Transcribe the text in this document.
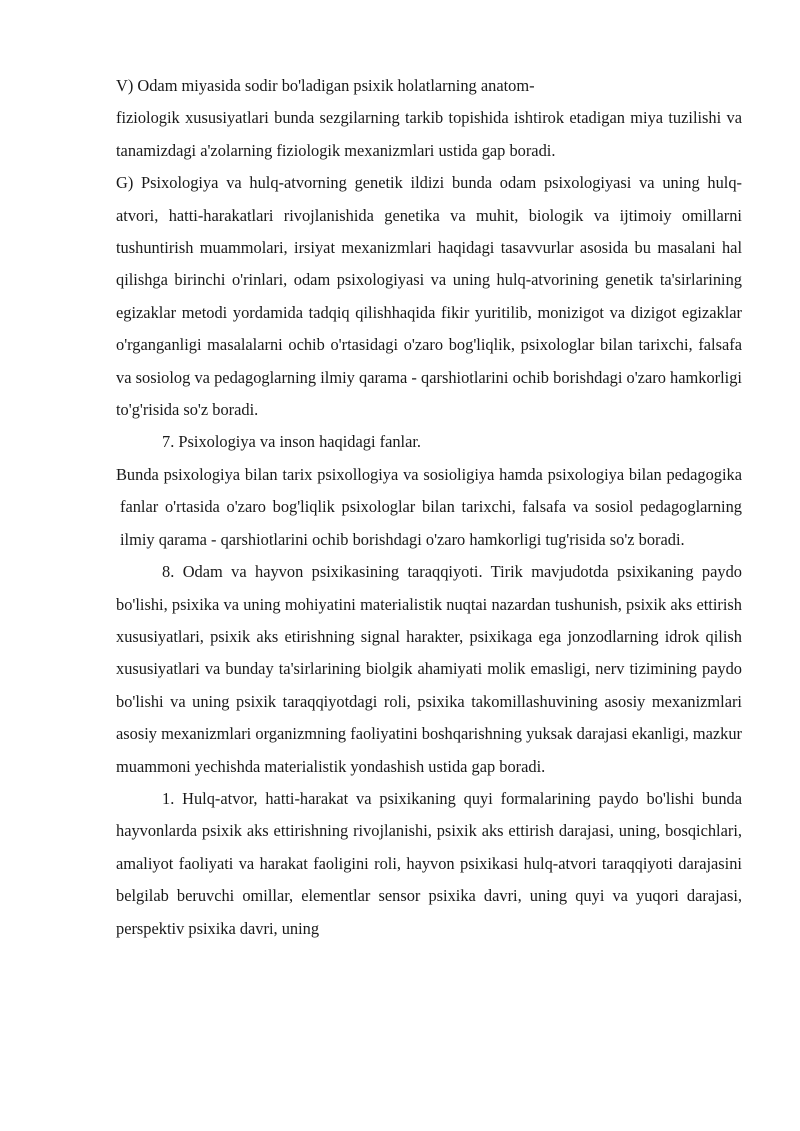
V) Odam miyasida sodir bo'ladigan psixik holatlarning anatom-

fiziologik xususiyatlari bunda sezgilarning tarkib topishida ishtirok etadigan miya tuzilishi va tanamizdagi a'zolarning fiziologik mexanizmlari ustida gap boradi.

G) Psixologiya va hulq-atvorning genetik ildizi bunda odam psixologiyasi va uning hulq-atvori, hatti-harakatlari rivojlanishida genetika va muhit, biologik va ijtimoiy omillarni tushuntirish muammolari, irsiyat mexanizmlari haqidagi tasavvurlar asosida bu masalani hal qilishga birinchi o'rinlari, odam psixologiyasi va uning hulq-atvorining genetik ta'sirlarining egizaklar metodi yordamida tadqiq qilishhaqida fikir yuritilib, monizigot va dizigot egizaklar o'rganganligi masalalarni ochib o'rtasidagi o'zaro bog'liqlik, psixologlar bilan tarixchi, falsafa va sosiolog va pedagoglarning ilmiy qarama - qarshiotlarini ochib borishdagi o'zaro hamkorligi to'g'risida so'z boradi.

7. Psixologiya va inson haqidagi fanlar.

Bunda psixologiya bilan tarix psixollogiya va sosioligiya hamda psixologiya bilan pedagogika fanlar o'rtasida o'zaro bog'liqlik psixologlar bilan tarixchi, falsafa va sosiol pedagoglarning ilmiy qarama - qarshiotlarini ochib borishdagi o'zaro hamkorligi tug'risida so'z boradi.

8. Odam va hayvon psixikasining taraqqiyoti. Tirik mavjudotda psixikaning paydo bo'lishi, psixika va uning mohiyatini materialistik nuqtai nazardan tushunish, psixik aks ettirish xususiyatlari, psixik aks etirishning signal harakter, psixikaga ega jonzodlarning idrok qilish xususiyatlari va bunday ta'sirlarining biolgik ahamiyati molik emasligi, nerv tizimining paydo bo'lishi va uning psixik taraqqiyotdagi roli, psixika takomillashuvining asosiy mexanizmlari asosiy mexanizmlari organizmning faoliyatini boshqarishning yuksak darajasi ekanligi, mazkur muammoni yechishda materialistik yondashish ustida gap boradi.

1. Hulq-atvor, hatti-harakat va psixikaning quyi formalarining paydo bo'lishi bunda hayvonlarda psixik aks ettirishning rivojlanishi, psixik aks ettirish darajasi, uning, bosqichlari, amaliyot faoliyati va harakat faoligini roli, hayvon psixikasi hulq-atvori taraqqiyoti darajasini belgilab beruvchi omillar, elementlar sensor psixika davri, uning quyi va yuqori darajasi, perspektiv psixika davri, uning
